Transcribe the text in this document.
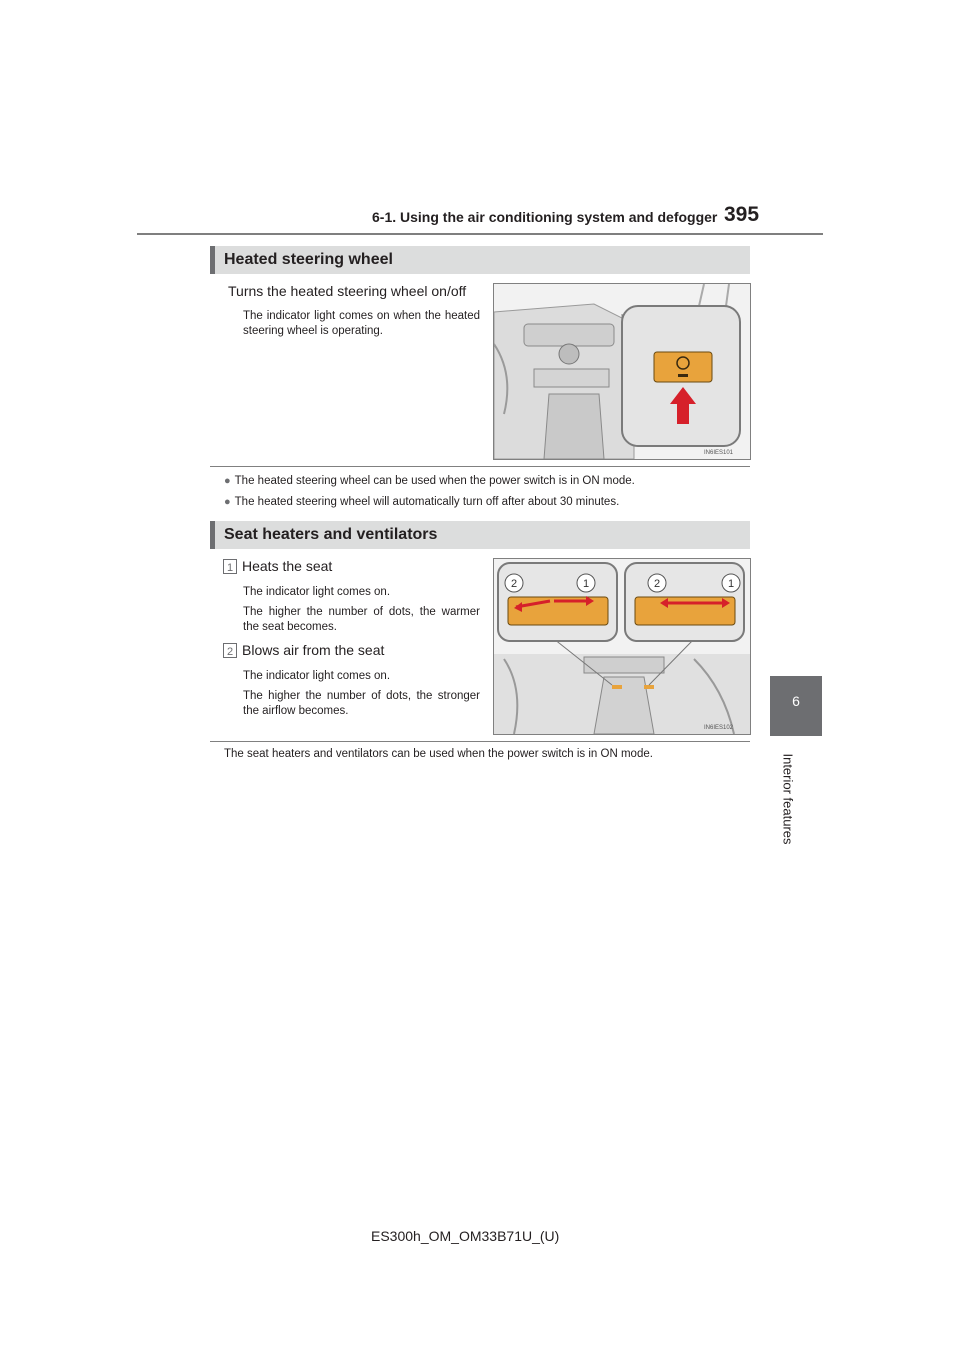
6-1. Using the air conditioning system and defogger 395
6
Interior features
Heated steering wheel
Turns the heated steering wheel on/off
The indicator light comes on when the heated steering wheel is operating.
IN6IES101
● The heated steering wheel can be used when the power switch is in ON mode.
● The heated steering wheel will automatically turn off after about 30 minutes.
Seat heaters and ventilators
1 Heats the seat
The indicator light comes on.
The higher the number of dots, the warmer the seat becomes.
2 Blows air from the seat
The indicator light comes on.
The higher the number of dots, the stronger the airflow becomes.
2	1	2	1
IN6IES102
The seat heaters and ventilators can be used when the power switch is in ON mode.
ES300h_OM_OM33B71U_(U)
